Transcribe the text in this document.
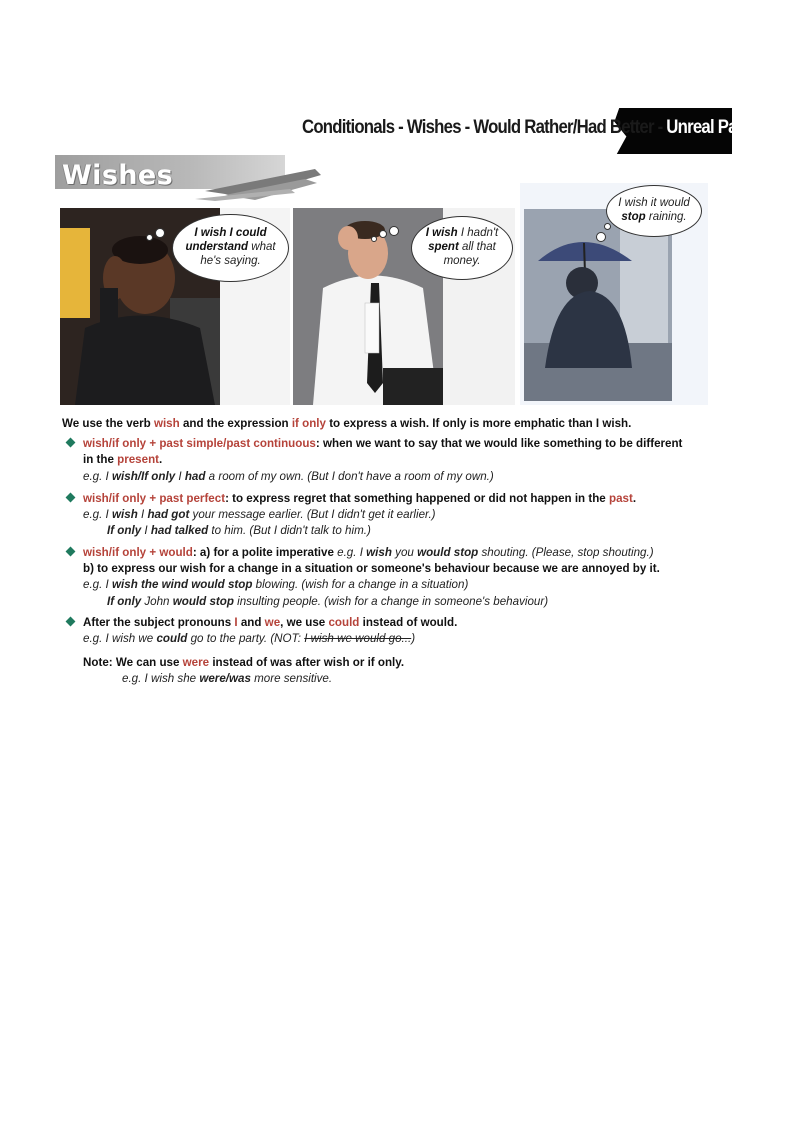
Conditionals - Wishes - Would Rather/Had Better - Unreal Pa
Wishes
I wish I could
understand what
he's saying.
I wish I hadn't
spent all that
money.
I wish it would
stop raining.
We use the verb wish and the expression if only to express a wish. If only is more emphatic than I wish.
wish/if only + past simple/past continuous: when we want to say that we would like something to be different
in the present.
e.g. I wish/If only I had a room of my own. (But I don't have a room of my own.)
wish/if only + past perfect: to express regret that something happened or did not happen in the past.
e.g. I wish I had got your message earlier. (But I didn't get it earlier.)
If only I had talked to him. (But I didn't talk to him.)
wish/if only + would: a) for a polite imperative e.g. I wish you would stop shouting. (Please, stop shouting.)
b) to express our wish for a change in a situation or someone's behaviour because we are annoyed by it.
e.g. I wish the wind would stop blowing. (wish for a change in a situation)
If only John would stop insulting people. (wish for a change in someone's behaviour)
After the subject pronouns I and we, we use could instead of would.
e.g. I wish we could go to the party. (NOT: I wish we would go...)
Note: We can use were instead of was after wish or if only.
e.g. I wish she were/was more sensitive.
